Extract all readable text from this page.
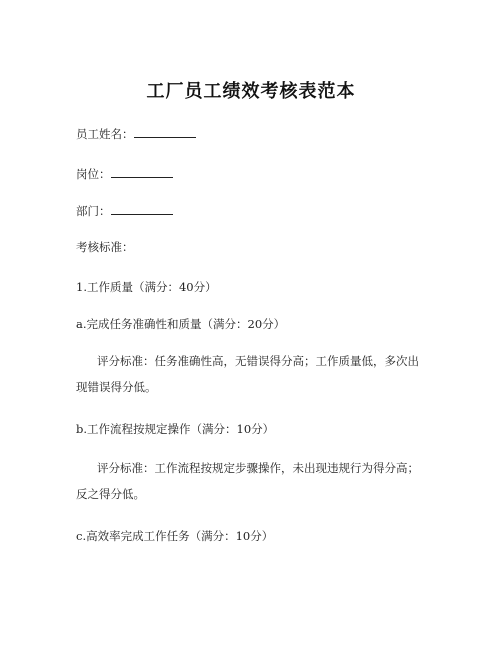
工厂员工绩效考核表范本
员工姓名：
岗位：
部门：
考核标准：
1.工作质量（满分：40分）
a.完成任务准确性和质量（满分：20分）
评分标准：任务准确性高，无错误得分高；工作质量低，多次出
现错误得分低。
b.工作流程按规定操作（满分：10分）
评分标准：工作流程按规定步骤操作，未出现违规行为得分高；
反之得分低。
c.高效率完成工作任务（满分：10分）
